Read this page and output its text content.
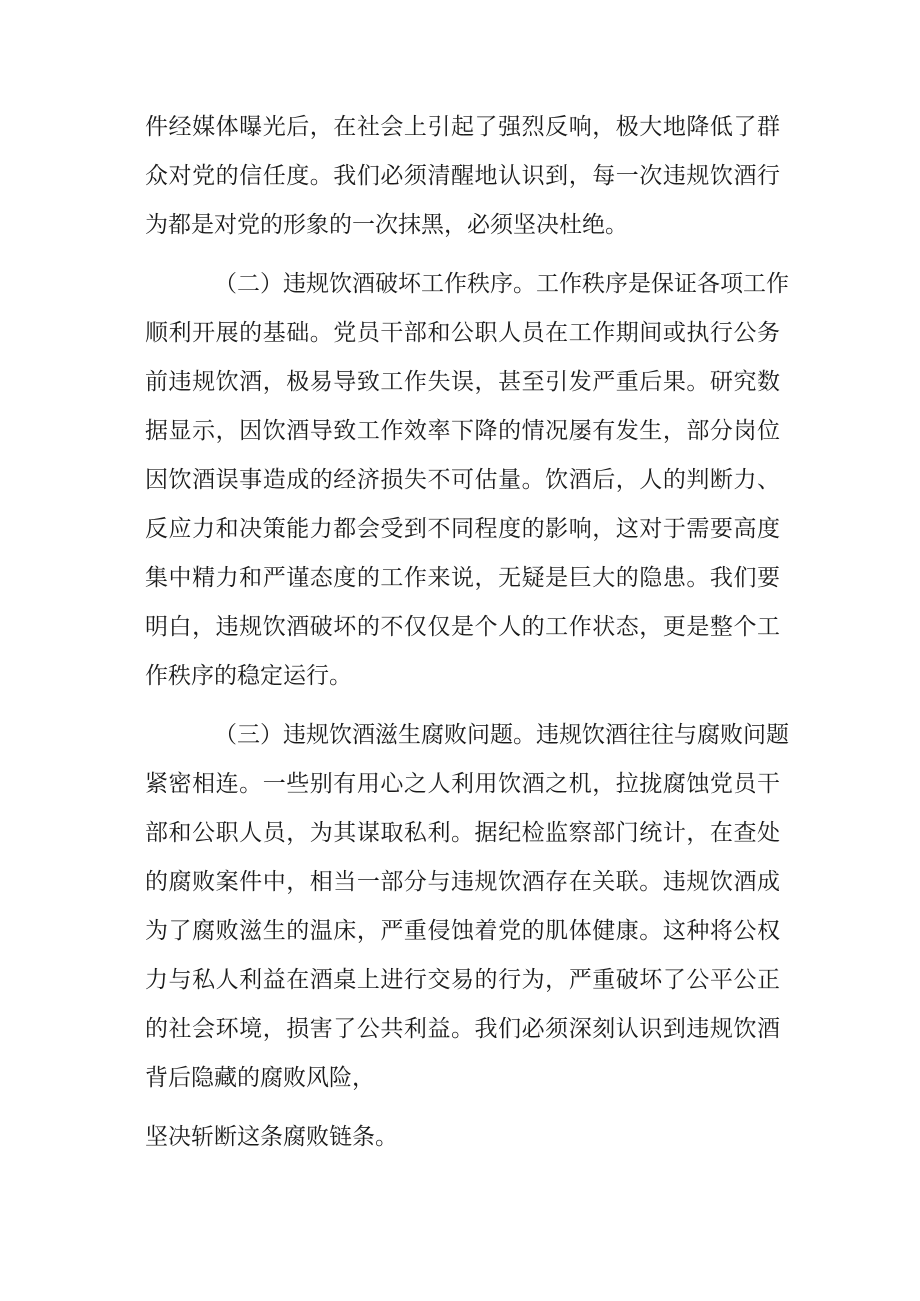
件经媒体曝光后，在社会上引起了强烈反响，极大地降低了群
众对党的信任度。我们必须清醒地认识到，每一次违规饮酒行
为都是对党的形象的一次抹黑，必须坚决杜绝。
（二）违规饮酒破坏工作秩序。工作秩序是保证各项工作
顺利开展的基础。党员干部和公职人员在工作期间或执行公务
前违规饮酒，极易导致工作失误，甚至引发严重后果。研究数
据显示，因饮酒导致工作效率下降的情况屡有发生，部分岗位
因饮酒误事造成的经济损失不可估量。饮酒后，人的判断力、
反应力和决策能力都会受到不同程度的影响，这对于需要高度
集中精力和严谨态度的工作来说，无疑是巨大的隐患。我们要
明白，违规饮酒破坏的不仅仅是个人的工作状态，更是整个工
作秩序的稳定运行。
（三）违规饮酒滋生腐败问题。违规饮酒往往与腐败问题
紧密相连。一些别有用心之人利用饮酒之机，拉拢腐蚀党员干
部和公职人员，为其谋取私利。据纪检监察部门统计，在查处
的腐败案件中，相当一部分与违规饮酒存在关联。违规饮酒成
为了腐败滋生的温床，严重侵蚀着党的肌体健康。这种将公权
力与私人利益在酒桌上进行交易的行为，严重破坏了公平公正
的社会环境，损害了公共利益。我们必须深刻认识到违规饮酒
背后隐藏的腐败风险，
坚决斩断这条腐败链条。
